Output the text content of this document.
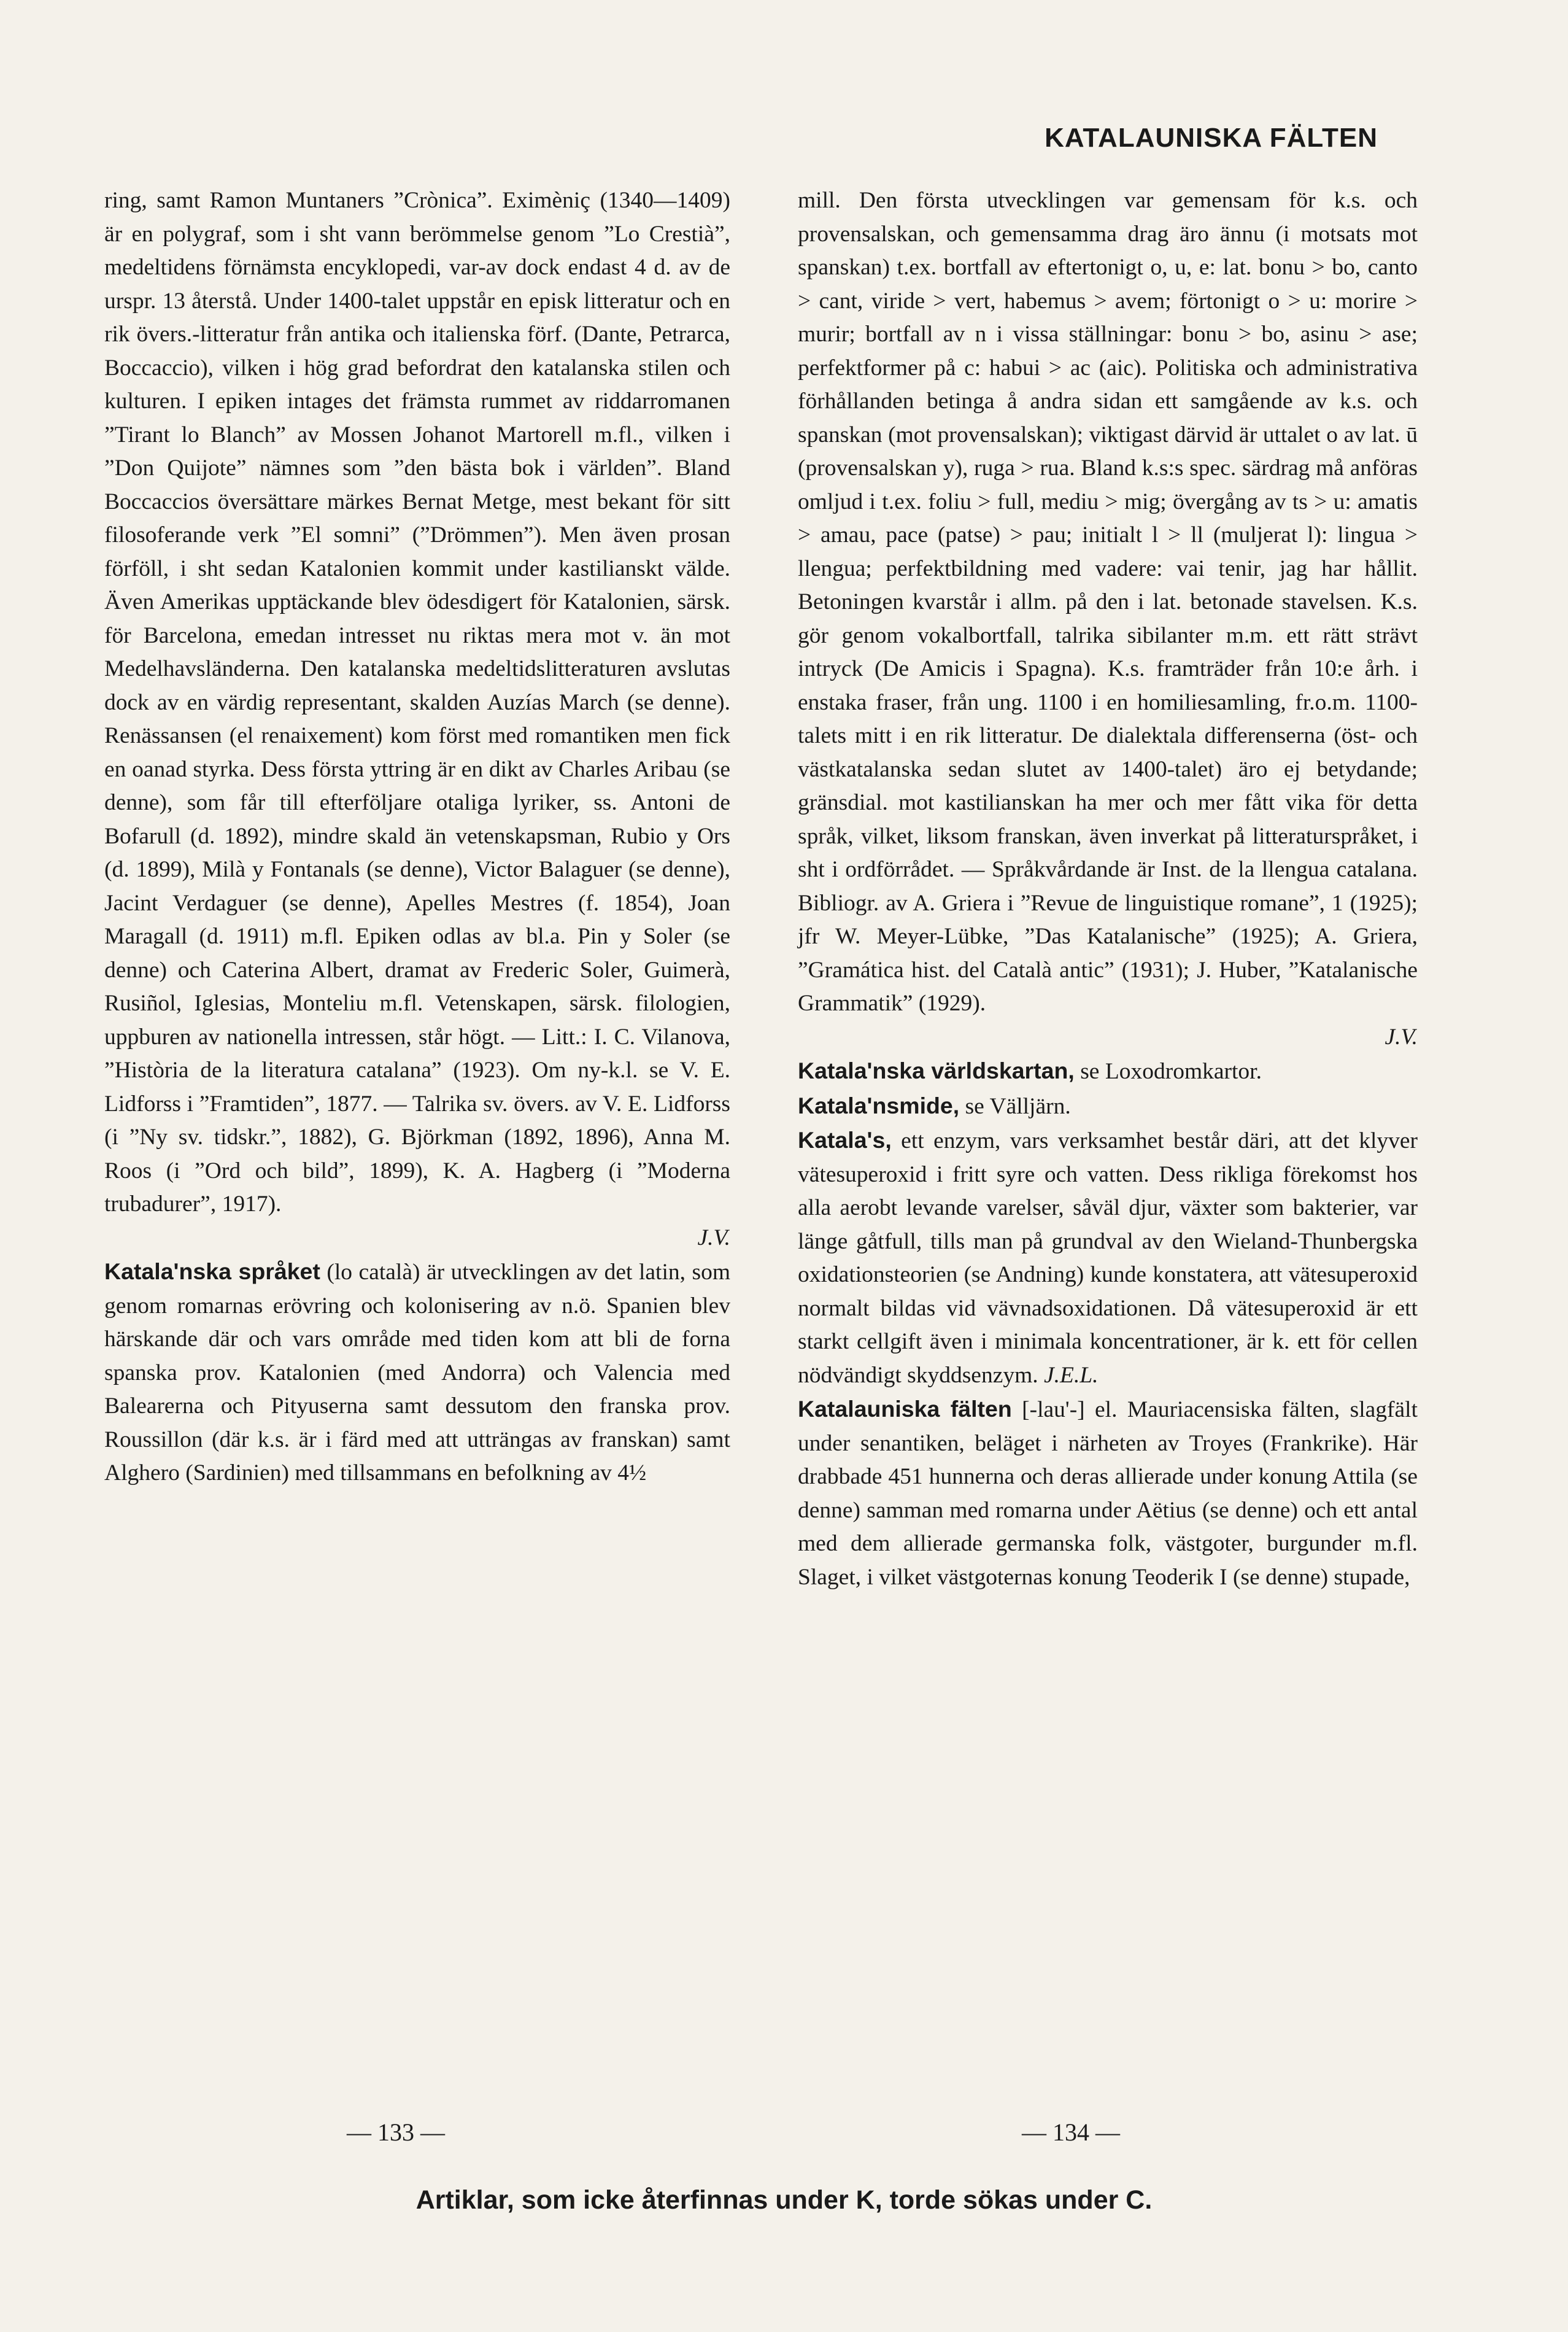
KATALAUNISKA FÄLTEN

ring, samt Ramon Muntaners ”Crònica”. Eximèniç (1340—1409) är en polygraf, som i sht vann berömmelse genom ”Lo Crestià”, medeltidens förnämsta encyklopedi, var-av dock endast 4 d. av de urspr. 13 återstå. Under 1400-talet uppstår en episk litteratur och en rik övers.-litteratur från antika och italienska förf. (Dante, Petrarca, Boccaccio), vilken i hög grad befordrat den katalanska stilen och kulturen. I epiken intages det främsta rummet av riddarromanen ”Tirant lo Blanch” av Mossen Johanot Martorell m.fl., vilken i ”Don Quijote” nämnes som ”den bästa bok i världen”. Bland Boccaccios översättare märkes Bernat Metge, mest bekant för sitt filosoferande verk ”El somni” (”Drömmen”). Men även prosan förföll, i sht sedan Katalonien kommit under kastilianskt välde. Även Amerikas upptäckande blev ödesdigert för Katalonien, särsk. för Barcelona, emedan intresset nu riktas mera mot v. än mot Medelhavsländerna. Den katalanska medeltidslitteraturen avslutas dock av en värdig representant, skalden Auzías March (se denne). Renässansen (el renaixement) kom först med romantiken men fick en oanad styrka. Dess första yttring är en dikt av Charles Aribau (se denne), som får till efterföljare otaliga lyriker, ss. Antoni de Bofarull (d. 1892), mindre skald än vetenskapsman, Rubio y Ors (d. 1899), Milà y Fontanals (se denne), Victor Balaguer (se denne), Jacint Verdaguer (se denne), Apelles Mestres (f. 1854), Joan Maragall (d. 1911) m.fl. Epiken odlas av bl.a. Pin y Soler (se denne) och Caterina Albert, dramat av Frederic Soler, Guimerà, Rusiñol, Iglesias, Monteliu m.fl. Vetenskapen, särsk. filologien, uppburen av nationella intressen, står högt. — Litt.: I. C. Vilanova, ”Història de la literatura catalana” (1923). Om ny-k.l. se V. E. Lidforss i ”Framtiden”, 1877. — Talrika sv. övers. av V. E. Lidforss (i ”Ny sv. tidskr.”, 1882), G. Björkman (1892, 1896), Anna M. Roos (i ”Ord och bild”, 1899), K. A. Hagberg (i ”Moderna trubadurer”, 1917).

J.V.

Katala'nska språket (lo català) är utvecklingen av det latin, som genom romarnas erövring och kolonisering av n.ö. Spanien blev härskande där och vars område med tiden kom att bli de forna spanska prov. Katalonien (med Andorra) och Valencia med Balearerna och Pityuserna samt dessutom den franska prov. Roussillon (där k.s. är i färd med att utträngas av franskan) samt Alghero (Sardinien) med tillsammans en befolkning av 4½

mill. Den första utvecklingen var gemensam för k.s. och provensalskan, och gemensamma drag äro ännu (i motsats mot spanskan) t.ex. bortfall av eftertonigt o, u, e: lat. bonu > bo, canto > cant, viride > vert, habemus > avem; förtonigt o > u: morire > murir; bortfall av n i vissa ställningar: bonu > bo, asinu > ase; perfektformer på c: habui > ac (aic). Politiska och administrativa förhållanden betinga å andra sidan ett samgående av k.s. och spanskan (mot provensalskan); viktigast därvid är uttalet o av lat. ū (provensalskan y), ruga > rua. Bland k.s:s spec. särdrag må anföras omljud i t.ex. foliu > full, mediu > mig; övergång av ts > u: amatis > amau, pace (patse) > pau; initialt l > ll (muljerat l): lingua > llengua; perfektbildning med vadere: vai tenir, jag har hållit. Betoningen kvarstår i allm. på den i lat. betonade stavelsen. K.s. gör genom vokalbortfall, talrika sibilanter m.m. ett rätt strävt intryck (De Amicis i Spagna). K.s. framträder från 10:e årh. i enstaka fraser, från ung. 1100 i en homiliesamling, fr.o.m. 1100-talets mitt i en rik litteratur. De dialektala differenserna (öst- och västkatalanska sedan slutet av 1400-talet) äro ej betydande; gränsdial. mot kastilianskan ha mer och mer fått vika för detta språk, vilket, liksom franskan, även inverkat på litteraturspråket, i sht i ordförrådet. — Språkvårdande är Inst. de la llengua catalana. Bibliogr. av A. Griera i ”Revue de linguistique romane”, 1 (1925); jfr W. Meyer-Lübke, ”Das Katalanische” (1925); A. Griera, ”Gramática hist. del Català antic” (1931); J. Huber, ”Katalanische Grammatik” (1929).

J.V.

Katala'nska världskartan, se Loxodromkartor.

Katala'nsmide, se Välljärn.

Katala's, ett enzym, vars verksamhet består däri, att det klyver vätesuperoxid i fritt syre och vatten. Dess rikliga förekomst hos alla aerobt levande varelser, såväl djur, växter som bakterier, var länge gåtfull, tills man på grundval av den Wieland-Thunbergska oxidationsteorien (se Andning) kunde konstatera, att vätesuperoxid normalt bildas vid vävnadsoxidationen. Då vätesuperoxid är ett starkt cellgift även i minimala koncentrationer, är k. ett för cellen nödvändigt skyddsenzym. J.E.L.

Katalauniska fälten [-lau'-] el. Mauriacensiska fälten, slagfält under senantiken, beläget i närheten av Troyes (Frankrike). Här drabbade 451 hunnerna och deras allierade under konung Attila (se denne) samman med romarna under Aëtius (se denne) och ett antal med dem allierade germanska folk, västgoter, burgunder m.fl. Slaget, i vilket västgoternas konung Teoderik I (se denne) stupade,

— 133 —	— 134 —
Artiklar, som icke återfinnas under K, torde sökas under C.
